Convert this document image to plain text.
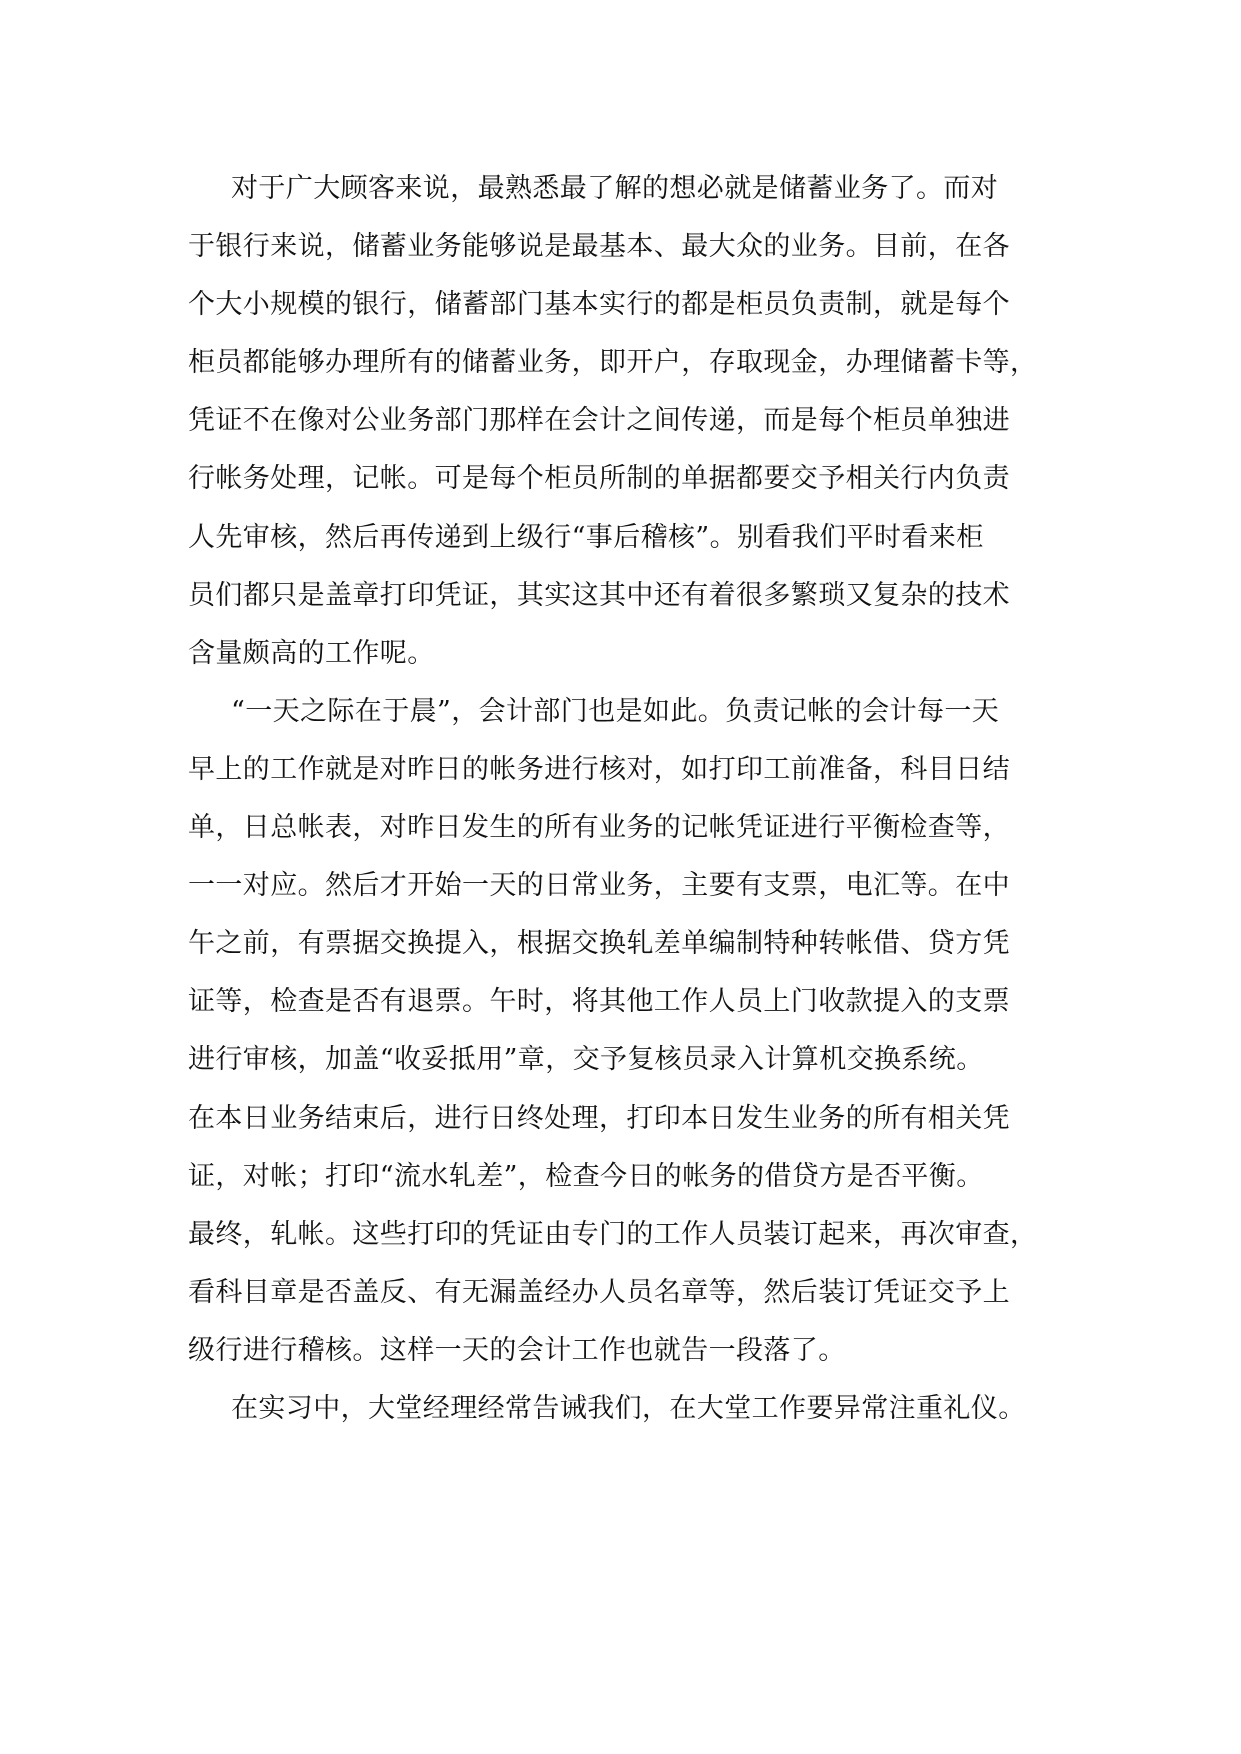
对于广大顾客来说，最熟悉最了解的想必就是储蓄业务了。而对
于银行来说，储蓄业务能够说是最基本、最大众的业务。目前，在各
个大小规模的银行，储蓄部门基本实行的都是柜员负责制，就是每个
柜员都能够办理所有的储蓄业务，即开户，存取现金，办理储蓄卡等，
凭证不在像对公业务部门那样在会计之间传递，而是每个柜员单独进
行帐务处理，记帐。可是每个柜员所制的单据都要交予相关行内负责
人先审核，然后再传递到上级行“事后稽核”。别看我们平时看来柜
员们都只是盖章打印凭证，其实这其中还有着很多繁琐又复杂的技术
含量颇高的工作呢。
“一天之际在于晨”，会计部门也是如此。负责记帐的会计每一天
早上的工作就是对昨日的帐务进行核对，如打印工前准备，科目日结
单，日总帐表，对昨日发生的所有业务的记帐凭证进行平衡检查等，
一一对应。然后才开始一天的日常业务，主要有支票，电汇等。在中
午之前，有票据交换提入，根据交换轧差单编制特种转帐借、贷方凭
证等，检查是否有退票。午时，将其他工作人员上门收款提入的支票
进行审核，加盖“收妥抵用”章，交予复核员录入计算机交换系统。
在本日业务结束后，进行日终处理，打印本日发生业务的所有相关凭
证，对帐；打印“流水轧差”，检查今日的帐务的借贷方是否平衡。
最终，轧帐。这些打印的凭证由专门的工作人员装订起来，再次审查，
看科目章是否盖反、有无漏盖经办人员名章等，然后装订凭证交予上
级行进行稽核。这样一天的会计工作也就告一段落了。
在实习中，大堂经理经常告诫我们，在大堂工作要异常注重礼仪。
